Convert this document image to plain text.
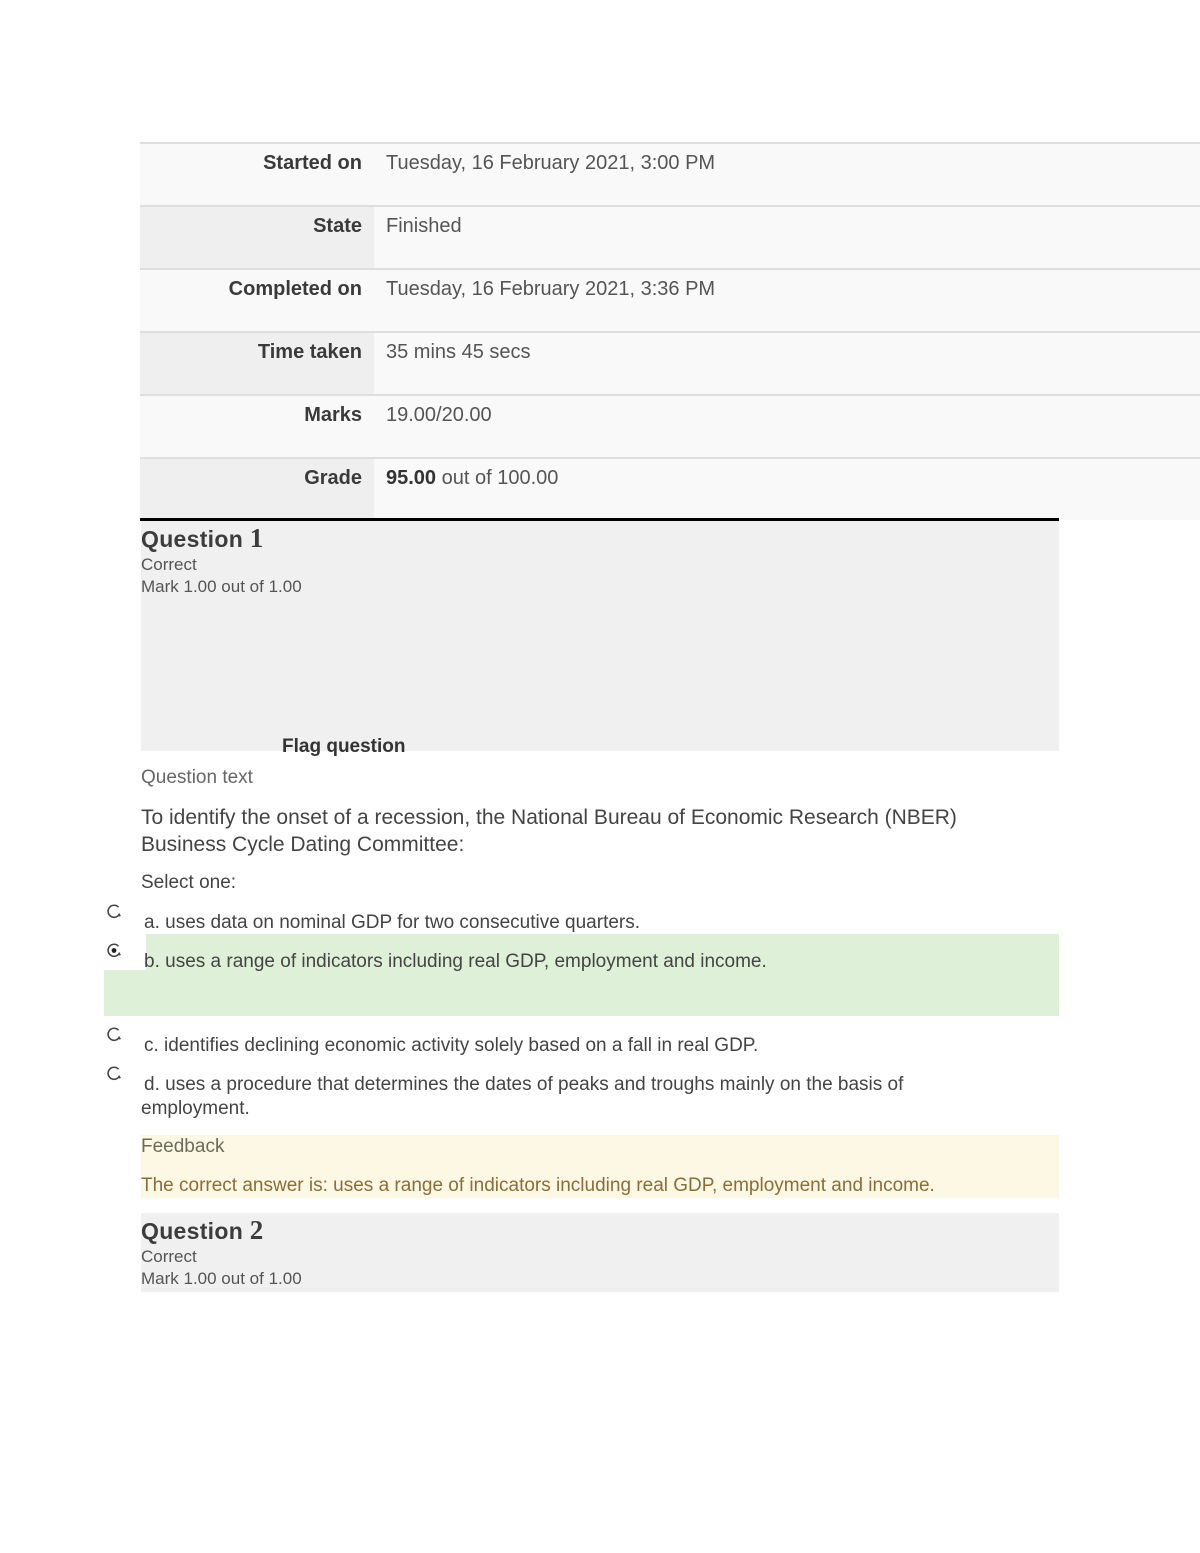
Started on	Tuesday, 16 February 2021, 3:00 PM
State	Finished
Completed on	Tuesday, 16 February 2021, 3:36 PM
Time taken	35 mins 45 secs
Marks	19.00/20.00
Grade	95.00 out of 100.00
Question 1
Correct
Mark 1.00 out of 1.00
Flag question
Question text
To identify the onset of a recession, the National Bureau of Economic Research (NBER) Business Cycle Dating Committee:
Select one:
a. uses data on nominal GDP for two consecutive quarters.
b. uses a range of indicators including real GDP, employment and income.
c. identifies declining economic activity solely based on a fall in real GDP.
d. uses a procedure that determines the dates of peaks and troughs mainly on the basis of employment.
Feedback
The correct answer is: uses a range of indicators including real GDP, employment and income.
Question 2
Correct
Mark 1.00 out of 1.00
